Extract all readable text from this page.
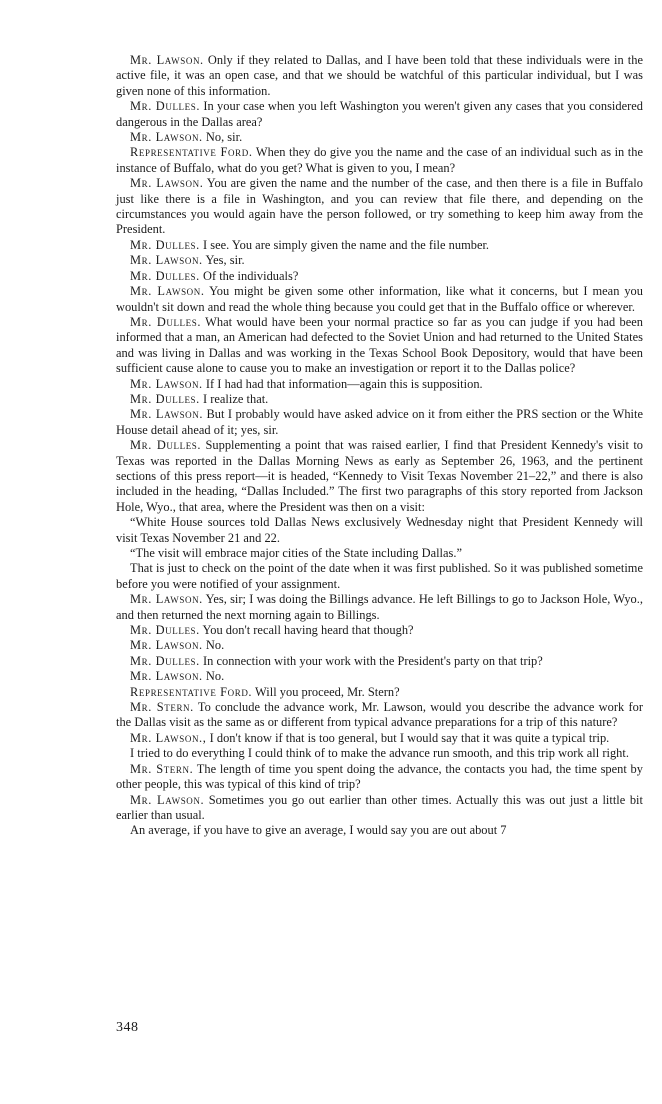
Mr. Lawson. Only if they related to Dallas, and I have been told that these individuals were in the active file, it was an open case, and that we should be watchful of this particular individual, but I was given none of this information.

Mr. Dulles. In your case when you left Washington you weren't given any cases that you considered dangerous in the Dallas area?

Mr. Lawson. No, sir.

Representative Ford. When they do give you the name and the case of an individual such as in the instance of Buffalo, what do you get? What is given to you, I mean?

Mr. Lawson. You are given the name and the number of the case, and then there is a file in Buffalo just like there is a file in Washington, and you can review that file there, and depending on the circumstances you would again have the person followed, or try something to keep him away from the President.

Mr. Dulles. I see. You are simply given the name and the file number.

Mr. Lawson. Yes, sir.

Mr. Dulles. Of the individuals?

Mr. Lawson. You might be given some other information, like what it concerns, but I mean you wouldn't sit down and read the whole thing because you could get that in the Buffalo office or wherever.

Mr. Dulles. What would have been your normal practice so far as you can judge if you had been informed that a man, an American had defected to the Soviet Union and had returned to the United States and was living in Dallas and was working in the Texas School Book Depository, would that have been sufficient cause alone to cause you to make an investigation or report it to the Dallas police?

Mr. Lawson. If I had had that information—again this is supposition.

Mr. Dulles. I realize that.

Mr. Lawson. But I probably would have asked advice on it from either the PRS section or the White House detail ahead of it; yes, sir.

Mr. Dulles. Supplementing a point that was raised earlier, I find that President Kennedy's visit to Texas was reported in the Dallas Morning News as early as September 26, 1963, and the pertinent sections of this press report—it is headed, “Kennedy to Visit Texas November 21–22,” and there is also included in the heading, “Dallas Included.” The first two paragraphs of this story reported from Jackson Hole, Wyo., that area, where the President was then on a visit:

“White House sources told Dallas News exclusively Wednesday night that President Kennedy will visit Texas November 21 and 22.

“The visit will embrace major cities of the State including Dallas.”

That is just to check on the point of the date when it was first published. So it was published sometime before you were notified of your assignment.

Mr. Lawson. Yes, sir; I was doing the Billings advance. He left Billings to go to Jackson Hole, Wyo., and then returned the next morning again to Billings.

Mr. Dulles. You don't recall having heard that though?

Mr. Lawson. No.

Mr. Dulles. In connection with your work with the President's party on that trip?

Mr. Lawson. No.

Representative Ford. Will you proceed, Mr. Stern?

Mr. Stern. To conclude the advance work, Mr. Lawson, would you describe the advance work for the Dallas visit as the same as or different from typical advance preparations for a trip of this nature?

Mr. Lawson., I don't know if that is too general, but I would say that it was quite a typical trip.

I tried to do everything I could think of to make the advance run smooth, and this trip work all right.

Mr. Stern. The length of time you spent doing the advance, the contacts you had, the time spent by other people, this was typical of this kind of trip?

Mr. Lawson. Sometimes you go out earlier than other times. Actually this was out just a little bit earlier than usual.

An average, if you have to give an average, I would say you are out about 7

348
